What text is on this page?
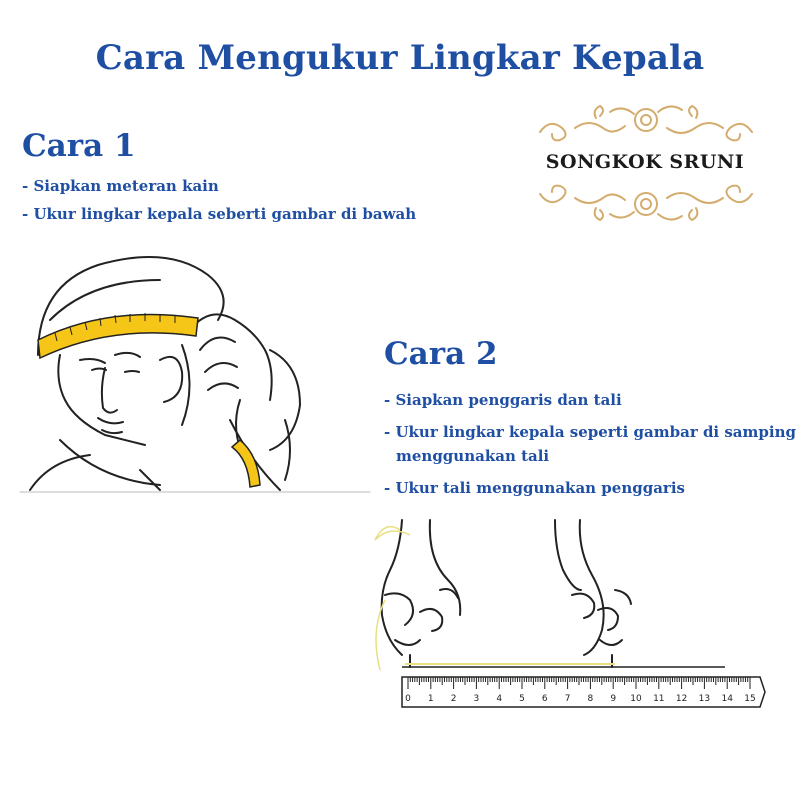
Cara Mengukur Lingkar Kepala
SONGKOK SRUNI
Cara 1
- Siapkan meteran kain
- Ukur lingkar kepala seberti gambar di bawah
Cara 2
- Siapkan penggaris dan tali
- Ukur lingkar kepala seperti gambar di samping
menggunakan tali
- Ukur tali menggunakan penggaris
0 1 2 3 4 5 6 7 8 9 10 11 12 13 14 15
